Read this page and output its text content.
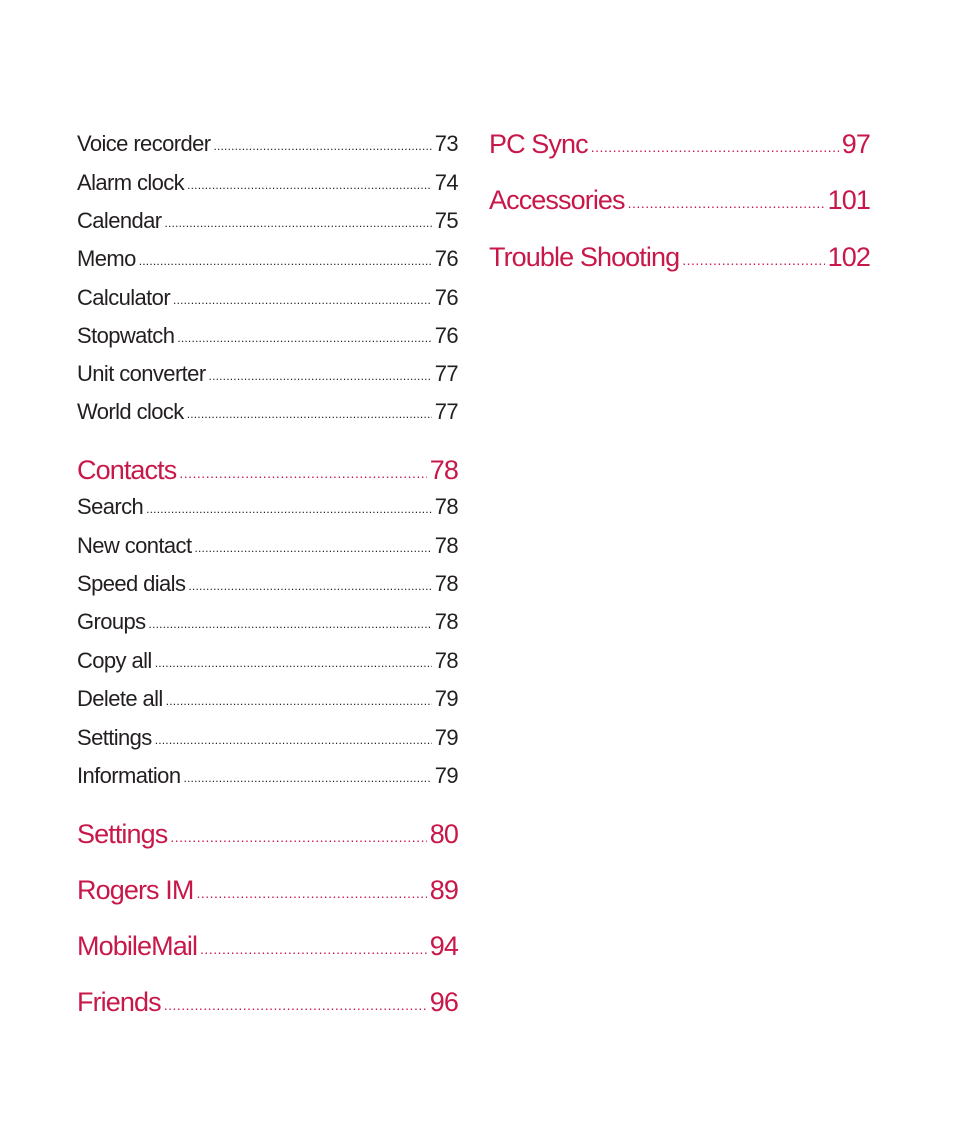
Voice recorder .....	73
Alarm clock .....	74
Calendar .....	75
Memo .....	76
Calculator .....	76
Stopwatch .....	76
Unit converter .....	77
World clock .....	77
Contacts .....	78
Search .....	78
New contact .....	78
Speed dials .....	78
Groups .....	78
Copy all .....	78
Delete all .....	79
Settings .....	79
Information .....	79
Settings .....	80
Rogers IM .....	89
MobileMail .....	94
Friends .....	96
PC Sync .....	97
Accessories .....	101
Trouble Shooting .....	102
